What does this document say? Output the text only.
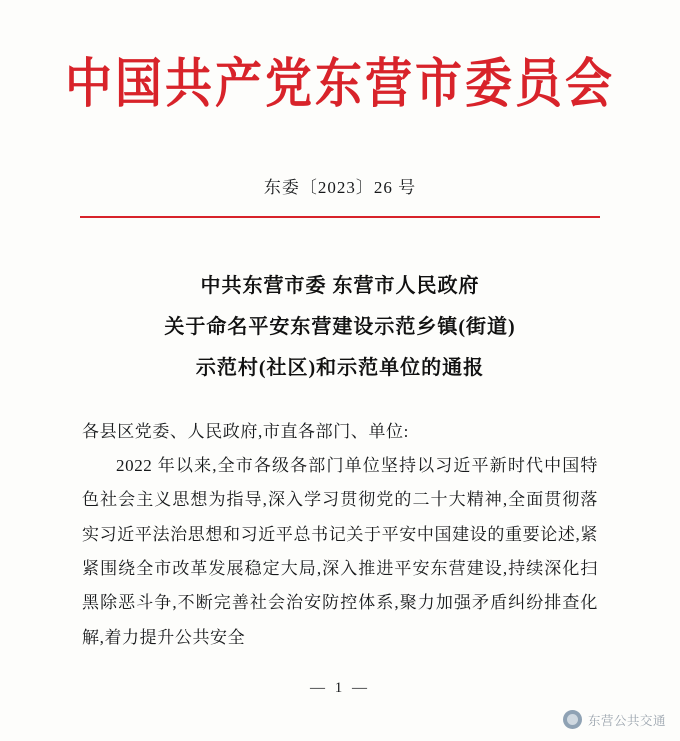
中国共产党东营市委员会
东委〔2023〕26 号
中共东营市委 东营市人民政府
关于命名平安东营建设示范乡镇(街道)
示范村(社区)和示范单位的通报

各县区党委、人民政府,市直各部门、单位:

2022 年以来,全市各级各部门单位坚持以习近平新时代中国特色社会主义思想为指导,深入学习贯彻党的二十大精神,全面贯彻落实习近平法治思想和习近平总书记关于平安中国建设的重要论述,紧紧围绕全市改革发展稳定大局,深入推进平安东营建设,持续深化扫黑除恶斗争,不断完善社会治安防控体系,聚力加强矛盾纠纷排查化解,着力提升公共安全

— 1 —
东营公共交通
